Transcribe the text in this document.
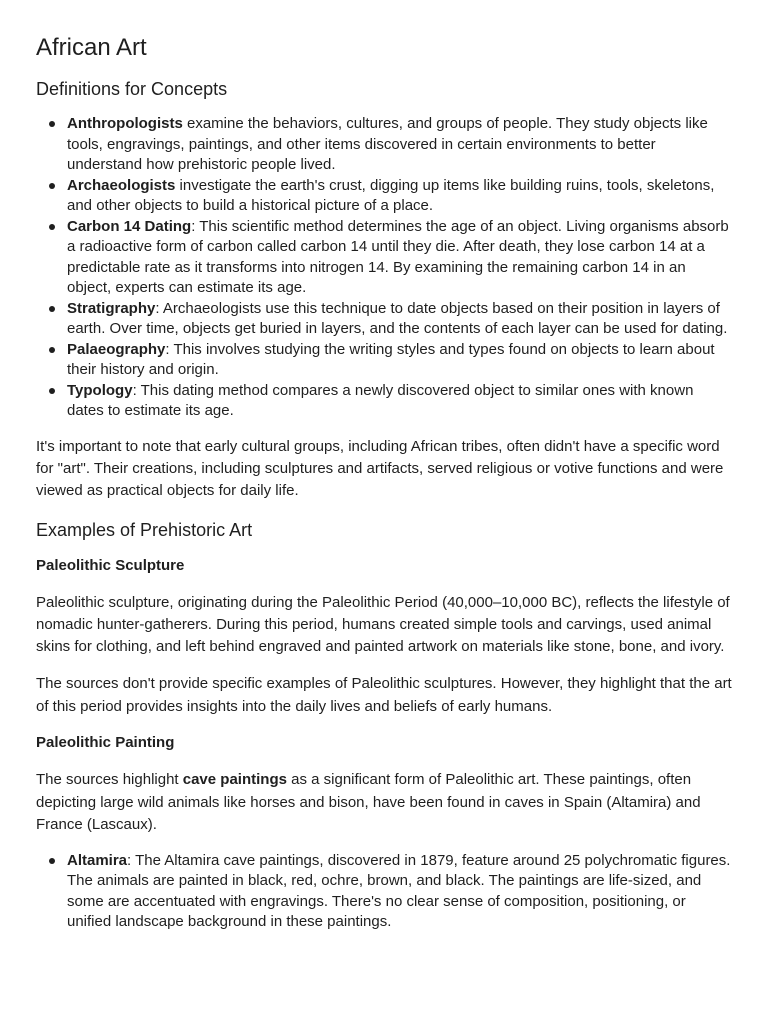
African Art
Definitions for Concepts
Anthropologists examine the behaviors, cultures, and groups of people. They study objects like tools, engravings, paintings, and other items discovered in certain environments to better understand how prehistoric people lived.
Archaeologists investigate the earth's crust, digging up items like building ruins, tools, skeletons, and other objects to build a historical picture of a place.
Carbon 14 Dating: This scientific method determines the age of an object. Living organisms absorb a radioactive form of carbon called carbon 14 until they die. After death, they lose carbon 14 at a predictable rate as it transforms into nitrogen 14. By examining the remaining carbon 14 in an object, experts can estimate its age.
Stratigraphy: Archaeologists use this technique to date objects based on their position in layers of earth. Over time, objects get buried in layers, and the contents of each layer can be used for dating.
Palaeography: This involves studying the writing styles and types found on objects to learn about their history and origin.
Typology: This dating method compares a newly discovered object to similar ones with known dates to estimate its age.

It's important to note that early cultural groups, including African tribes, often didn't have a specific word for "art". Their creations, including sculptures and artifacts, served religious or votive functions and were viewed as practical objects for daily life.

Examples of Prehistoric Art
Paleolithic Sculpture

Paleolithic sculpture, originating during the Paleolithic Period (40,000–10,000 BC), reflects the lifestyle of nomadic hunter-gatherers. During this period, humans created simple tools and carvings, used animal skins for clothing, and left behind engraved and painted artwork on materials like stone, bone, and ivory.

The sources don't provide specific examples of Paleolithic sculptures. However, they highlight that the art of this period provides insights into the daily lives and beliefs of early humans.

Paleolithic Painting

The sources highlight cave paintings as a significant form of Paleolithic art. These paintings, often depicting large wild animals like horses and bison, have been found in caves in Spain (Altamira) and France (Lascaux).

Altamira: The Altamira cave paintings, discovered in 1879, feature around 25 polychromatic figures. The animals are painted in black, red, ochre, brown, and black. The paintings are life-sized, and some are accentuated with engravings. There's no clear sense of composition, positioning, or unified landscape background in these paintings.
